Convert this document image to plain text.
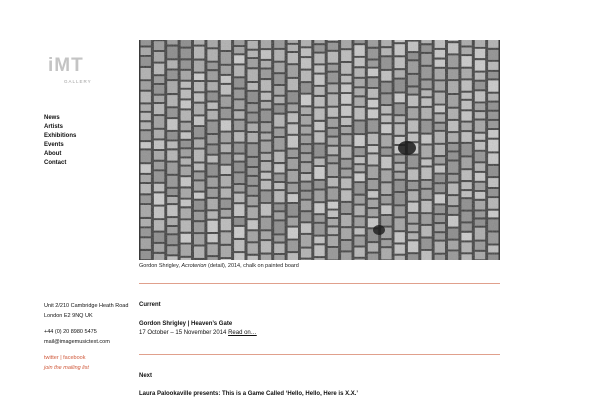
iMT
GALLERY
News
Artists
Exhibitions
Events
About
Contact
Gordon Shrigley, Acroterion (detail), 2014, chalk on painted board
Current
Gordon Shrigley | Heaven’s Gate
17 October – 15 November 2014 Read on…
Next
Laura Palookaville presents: This is a Game Called ‘Hello, Hello, Here is X.X.’
Unit 2/210 Cambridge Heath Road
London E2 9NQ UK
+44 (0) 20 8980 5475
mail@imagemusictext.com
twitter | facebook
join the mailing list
